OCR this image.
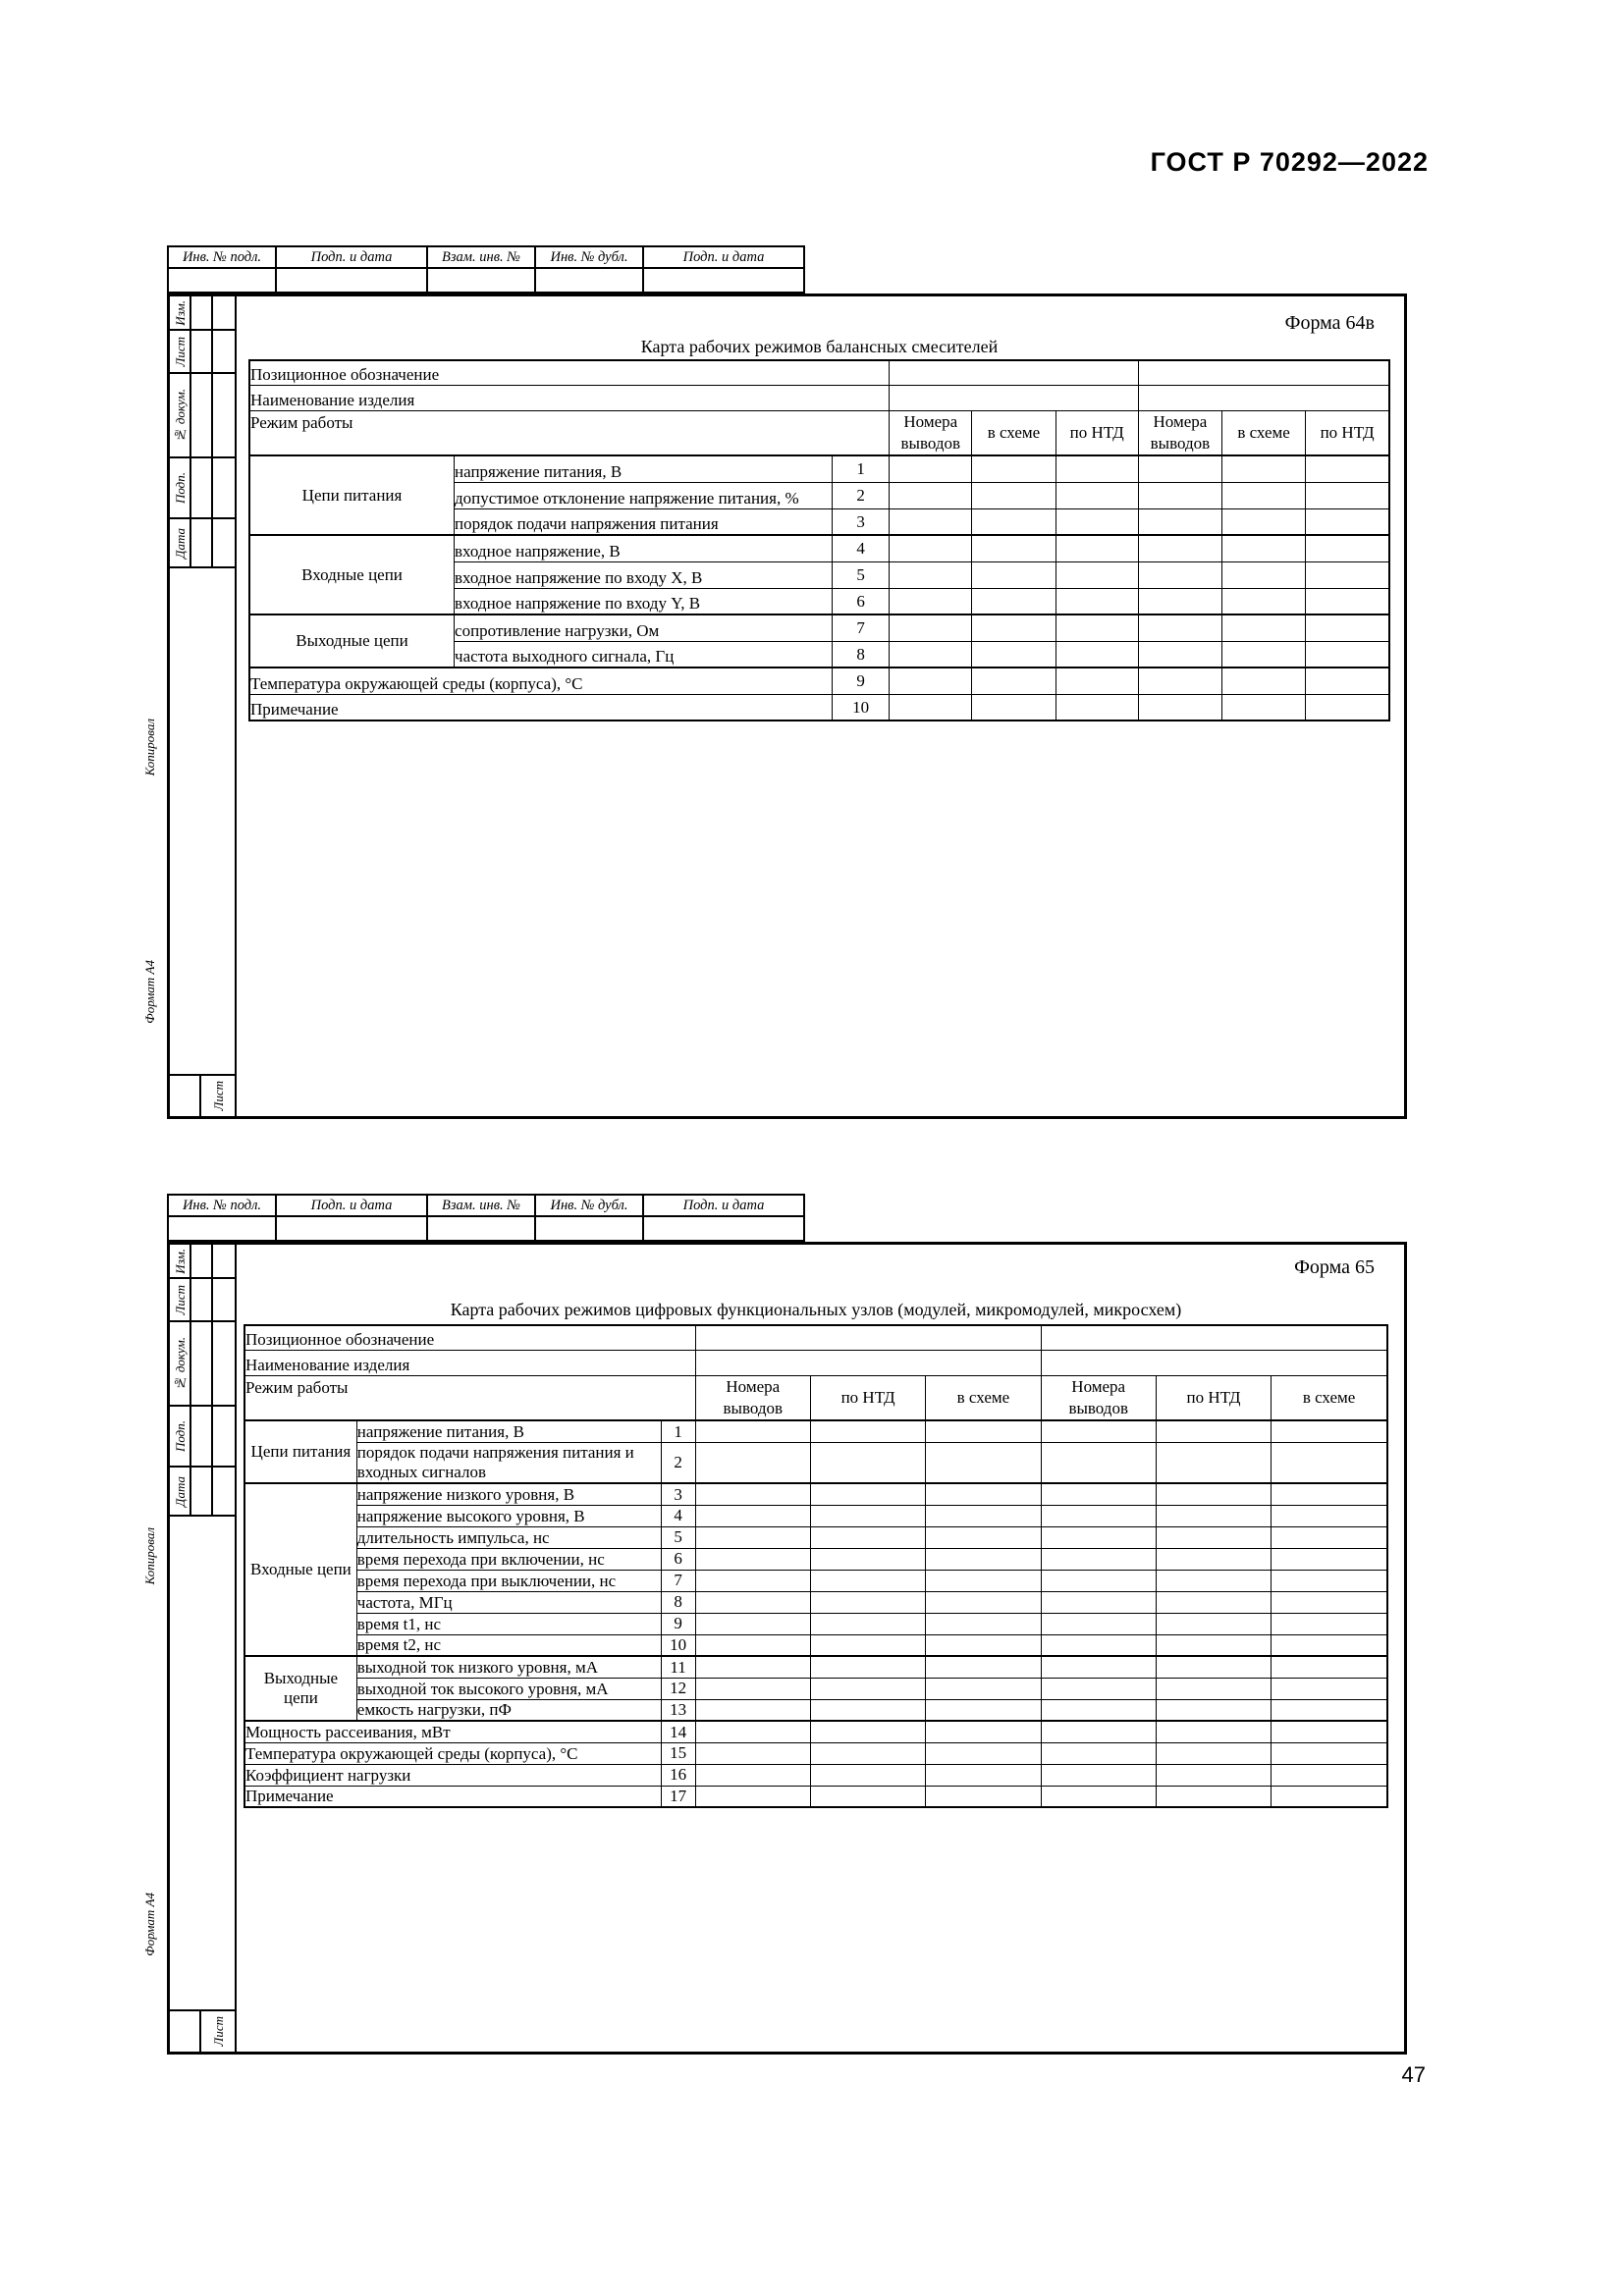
ГОСТ Р 70292—2022
Инв. № подл.	Подп. и дата	Взам. инв. № Инв. № дубл.	Подп. и дата
Изм.
Лист
№ докум.
Подп.
Дата
Лист
Форма 64в
Карта рабочих режимов балансных смесителей
Позиционное обозначение								
Наименование изделия								
Режим работы			Номера выводов	в схеме	по НТД	Номера выводов	в схеме	по НТД
Цепи питания	напряжение питания, В	1						
	допустимое отклонение напряжение питания, %	2						
	порядок подачи напряжения питания	3						
Входные цепи	входное напряжение, В	4						
	входное напряжение по входу X, В	5						
	входное напряжение по входу Y, В	6						
Выходные цепи	сопротивление нагрузки, Ом	7						
	частота выходного сигнала, Гц	8						
Температура окружающей среды (корпуса), °С		9						
Примечание		10						
Инв. № подл.	Подп. и дата	Взам. инв. № Инв. № дубл.	Подп. и дата
Изм.
Лист
№ докум.
Подп.
Дата
Лист
Форма 65
Карта рабочих режимов цифровых функциональных узлов (модулей, микромодулей, микросхем)
Позиционное обозначение								
Наименование изделия								
Режим работы			Номера выводов	по НТД	в схеме	Номера выводов	по НТД	в схеме
Цепи питания	напряжение питания, В	1						
	порядок подачи напряжения питания и входных сигналов	2						
Входные цепи	напряжение низкого уровня, В	3						
	напряжение высокого уровня, В	4						
	длительность импульса, нс	5						
	время перехода при включении, нс	6						
	время перехода при выключении, нс	7						
	частота, МГц	8						
	время t1, нс	9						
	время t2, нс	10						
Выходные цепи	выходной ток низкого уровня, мА	11						
	выходной ток высокого уровня, мА	12						
	емкость нагрузки, пФ	13						
Мощность рассеивания, мВт		14						
Температура окружающей среды (корпуса), °С		15						
Коэффициент нагрузки		16						
Примечание		17						
Копировал
Формат А4
Копировал
Формат А4
47
